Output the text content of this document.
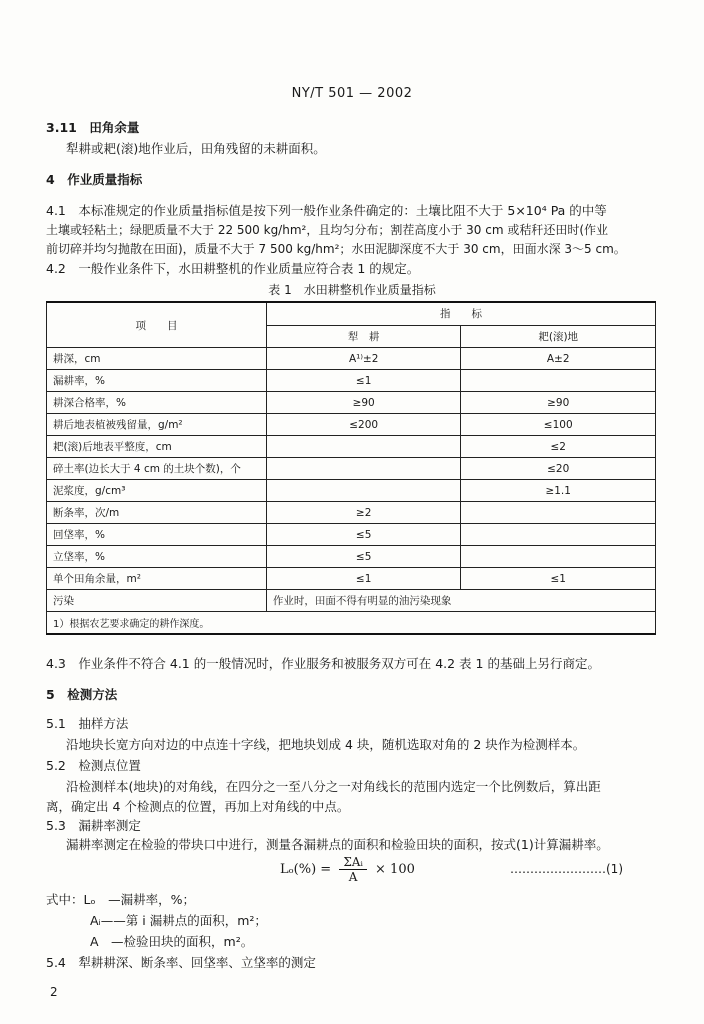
NY/T 501 — 2002
3.11　 田角余量
犁耕或耙(滚)地作业后，田角残留的未耕面积。
4　 作业质量指标
4.1　 本标准规定的作业质量指标值是按下列一般作业条件确定的：土壤比阻不大于 5×10⁴ Pa 的中等
土壤或轻粘土；绿肥质量不大于 22 500 kg/hm²，且均匀分布；割茬高度小于 30 cm 或秸秆还田时(作业
前切碎并均匀抛散在田面)，质量不大于 7 500 kg/hm²；水田泥脚深度不大于 30 cm，田面水深 3～5 cm。
4.2　 一般作业条件下，水田耕整机的作业质量应符合表 1 的规定。
表 1　水田耕整机作业质量指标
项　　目	指　　标	
	犁　耕	耙(滚)地
耕深，cm	A¹⁾±2	A±2
漏耕率，%	≤1	
耕深合格率，%	≥90	≥90
耕后地表植被残留量，g/m²	≤200	≤100
耙(滚)后地表平整度，cm		≤2
碎土率(边长大于 4 cm 的土块个数)，个		≤20
泥浆度，g/cm³		≥1.1
断条率，次/m	≥2	
回垡率，%	≤5	
立垡率，%	≤5	
单个田角余量，m²	≤1	≤1
污染	作业时，田面不得有明显的油污染现象	
1）根据农艺要求确定的耕作深度。		
4.3　 作业条件不符合 4.1 的一般情况时，作业服务和被服务双方可在 4.2 表 1 的基础上另行商定。
5　 检测方法
5.1　 抽样方法
沿地块长宽方向对边的中点连十字线，把地块划成 4 块，随机选取对角的 2 块作为检测样本。
5.2　 检测点位置
沿检测样本(地块)的对角线，在四分之一至八分之一对角线长的范围内选定一个比例数后，算出距
离，确定出 4 个检测点的位置，再加上对角线的中点。
5.3　 漏耕率测定
漏耕率测定在检验的带块口中进行，测量各漏耕点的面积和检验田块的面积，按式(1)计算漏耕率。
Lₒ(%) =	ΣAᵢ
A	× 100	……………………(1)
式中：Lₒ　 —漏耕率，%；
Aᵢ——第 i 漏耕点的面积，m²；
A　—检验田块的面积，m²。
5.4　 犁耕耕深、断条率、回垡率、立垡率的测定
2
